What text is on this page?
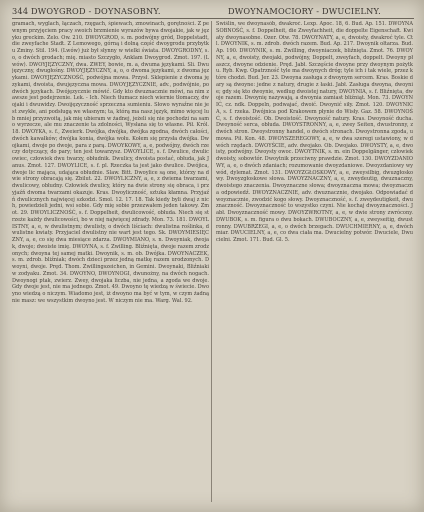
344 DWOYGROD - DOYNASOBNY.	DWOYNAMOCIORY - DWUCIELNY.

gramach, wyglach, łączach, rzęgach, śpiewach, zmowinach, gorętności. Z pewnym przyjęciem pracy swoich brzmienie wyrazów bywa dwojakie, jak w języku greckim. Zelo. Ow. 210. DWOYGROD, s. m. podwójny gród, Doppelstadt, die zweyfache Stadt. Z Lemowego, górną i dolną część dwoygrodu przybytku Zminy. Stil. 194. (Lwów) już był słynny w wielki świata. DWOYGRODNY, s. o, o dwóch grodach; mię. miasto Szczygło, Anklam Dwoygrod. Zmot. 197. (Lwów). DWOYJĘZYCZNY, dwa. ZWEY, bowie, m. a, dwuma językami. Sli. Dwujęzyczny, dwugłośny. DWOYJĘZYCZNY, a, o, o dwoma językami, z dwoma językami. DWOYJĘZYCZNOŚĆ, podwójna mowa. Przysł. Sklepienie z dwoma językami, dwoista, dwujęzyczna mowa. DWOYJĘZYCZNIE, adv., podwójnie, po dwóch językach. Dwójęzycznie mówić. Gdy kto dwuznacznie mówi, na nim zawsze jest podejrzenie. Lek. - Ich. Niech tłumacz niech wiernie tłomaczy, dwojaki i dwuwidzy. Dwoijęzyczność sprzeczna sumieniu. Słowo wyraźne nie jest zwykłe, ani podsługą we własnym; ta, którą ma nasz język, mimo więcej lub mniej przyzwoitą, jak mię ubieram w żadnej, jeżeli się nie pochodzi na samo wyrzecze, ale mu znaczenie ta zdolności, Wysłana się to własne. Pił. Król. 18. DWOYKA, s. f., Zweierk. Dwójka, dwójka, dwójka zgodna, dwóch całości, dwóch kawałków; dwójka konia, dwójka wołu. Kołem się przysła dwójka. Dwojkami, dwoje po dwoje, para z parą. DWOYKOWY, a, e, podwójny, dwóch rzeczy dotyczący, do pary; ten jest towarzysz. DWOYLICE, s. f. Dwulice, dwulicowiec, człowiek dwu twarzy, obłudnik. Dwulicy, dwoista postać, obłuda, jak Janus. Zmot. 127. DWOYLICE, s. f. pl. Rzeczka ta jest jako dwulice. Dwójica, dwoje lic mająca, udająca obłudnie. Slaw. Bitt. Dwoylice są one, którzy na dwie strony obracają się. Zbilut. 22. DWOYLICZNY, a, e, z dwiema twarzami, dwulicowy, obłudny. Człowiek dwulicy, który na dwie strony się obraca, i przyjaźń dwoma twarzami okazuje. Kras. Dwoyliczność, sztuka kłamna. Przyjaźń dwulicznych najwięcej szkodzi. Smol. 12. 17. 18. Tak kiedy byli dwaj z nich, powiedzieli jedni, wsi sobie. Gdy mię sobie przezwałem jeden takowy. Zmot. 29. DWOYLICZNOŚĆ, s. f. Doppelheit, dwulicowość, obłuda. Niech się strzeże każdy dwulicowości, bo w niej najwięcej zdrady. Mon. 73. 181. DWOYLISTNY, a, e, w dwulistnym; dwulisty, o dwóch liściach: dwulistna roślinka, dwulistne kwiaty. Przyjaciel dwulistny nie wart jest tego. Sk. DWOYMIESIĘCZNY, a, e, co się dwa miesiące zdarza. DWOYMIANO, s. n. Dwoyniak, dwojak, dwoje; dwoiste imię. DWOYNA, s. f. Zwilling. Bliźnięta, dwoje razem zrodzonych; dwoyna tej samej matki. Dwoynik, s. m. ob. Dwójka. DWOYNACZEK, s. m. zdrob. bliźniak; dwóch dzieci przez jedną matkę razem urodzonych. Dwoyni, dwoje. Pręd. Thom. Zwillingszeichen, in Gemini. Dwoynaki, Bliźniaki w zodyaku. Zmot. 34. DWOYNO, DWOYNOGI, dwunożny, na dwóch nogach. Dwoynogi ptak, zwierz. Zwey, dwojaka liczba, nie jedna, a zgoda we dwoje. Gdy dwoje jest, nie ma jednego. Zmot. 49. Dwoyno tę wiedzą w świecie. Dwoyno wiedzą o niczym. Wiadomo jest, iż dwoyno ma być w tym, w czym żadną nie masz: we wszystkim dwoyno jest. W niczym nie ma. Warg. Wal. 92.

Swiślin, we dwoynasób, dwakroć. Lexp. Apoc. 18, 6. Bud. Ap. 151. DWOYNASOBNOŚĆ, s. f. Doppelheit, die Zweyfachheit, die doppelte Eigenschaft. Kwiaty dwoynasobne. Ozer. Otw. 78. DWOYNATY, a, e, dwoisty, dwakroć tyle. Ctl. DWOYNIK, s. m. zdrob. dwóch razem. Bud. Ap. 217. Dwoynik ołtarza. Bud. Ap. 190. DWOYNIK, s. m. Zwilling, dwoyniaczek, bliźnięta. Zmot. 76. DWOYNY, a, e, dwoisty, dwojaki, podwójny, Doppelt, zweyfach, doppelt. Dwoyny płaszcz, dwoyne odzienie. Pręd. Jabł. Szczęście dwoyne przy dwoynym pożytku. Ryb. Kwg. Opatrzność tyle ma dwoynych dróg; tyle ich i tak wiele, przez które chodzi. Bud. Jer. 23. Dwoyna zasługa z dwoynym sercem. Kras. Boskie dary są dwoyne: jedne z natury, drugie z łaski. Jabł. Zasługa dwoyna, dwoynie; gdy się kto dwoynie, według dwoistej natury, DWOYNIA, s. f. Bliźnięta, dwoje razem. Dwoynię nazywają, a dwoynia zamiast bliźniąt. Mon. 73. DWOYNIĆ, cz. ndk. Doppeln, podwajać, dwoić. Dwoynić siły. Zmot. 120. DWOYNICA, s. f. rzeka. Dwójnica pod Krakowem płynie do Wisły. Gaz. 58. DWOYNOŚĆ, s. f. dwoistość. Ob. Dwoistość. Dwoyność natury. Kras. Dwoyność ducha. Dwoyność serca, obłuda. DWOYSTRONNY, a, e, zwey Seiten, dwustronny, z dwóch stron. Dwoystronny handel, o dwóch stronach. Dwoystronna zgoda, umowa. Pił. Kon. 48. DWOYSZEREGOWY, a, e, w dwa szeregi ustawiony, w dwóch rzędach. DWOYŚCIE, adv. dwojako. Ob. Dwojako. DWOYSTY, a, e, dwoisty, podwójny. Dwoysty owoc. DWOYTNIK, s. m. ein Doppelgänger, człowiek dwoisty, sobowtór. Dwoytnik przeciwny prawdzie. Zmot. 130. DWOYZDANIOWY, a, e, o dwóch zdaniach; rozumowanie dwoyzdaniowe. Dwoyzdaniowy wywód, dylemat. Zmot. 131. DWOYZGŁOSKOWY, a, e, zweysilbig, dwuzgłoskowy. Dwoyzgłoskowe słowa. DWOYZNACZNY, a, e, zweydeutig, dwuznaczny, dwoistego znaczenia. Dwoyznaczne słowa; dwoyznaczna mowa; dwoyznaczna odpowiedź. DWOYZNACZNIE, adv. dwuznacznie, dwojako. Odpowiadać dwoyznacznie, zwodzić kogo słowy. Dwoyznaczność, s. f. zweydeutigkeit, dwuznaczność. Dwoyznaczność to wszystko czyni. Nie kochaj dwoyznaczności. Jabł. Dwoyznaczność mowy. DWOYZWROTNY, a, e, w dwie strony zwrócony. DWUBOK, s. m. figura o dwu bokach. DWUBOCZNY, a, e, zweyseitig, dwustronny. DWUBRZEGI, a, e, o dwóch brzegach. DWUCHMIERNY, a, e, dwóch miar. DWUCIELNY, a, e, co dwa ciała ma. Dwucielny potwór. Dwuciele, Dwucielni. Zmot. 171. Bud. Gl. 5.
